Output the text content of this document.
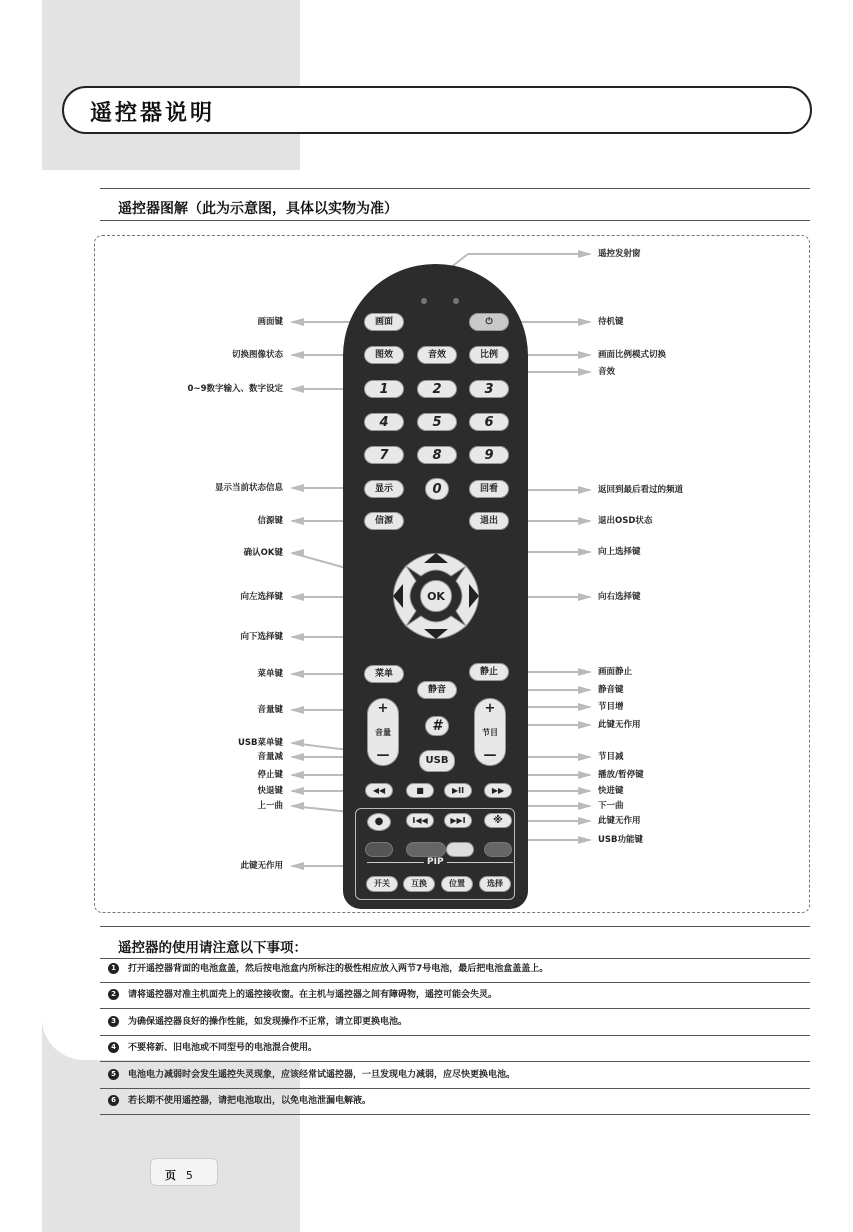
遥控器说明
遥控器图解（此为示意图，具体以实物为准）
画面	⏻
图效	音效	比例
1	2	3
4	5	6
7	8	9
显示	0	回看
信源	退出
OK
菜单	静止
静音
+
音量
—
#
+
节目
—
USB
◀◀	■	▶II	▶▶
●	I◀◀	▶▶I	※
PIP
开关	互换	位置	选择
画面键
切换图像状态
0~9数字输入、数字设定
显示当前状态信息
信源键
确认OK键
向左选择键
向下选择键
菜单键
音量键
USB菜单键
音量减
停止键
快退键
上一曲
此键无作用
遥控发射窗
待机键
画面比例模式切换
音效
返回到最后看过的频道
退出OSD状态
向上选择键
向右选择键
画面静止
静音键
节目增
此键无作用
节目减
播放/暂停键
快进键
下一曲
此键无作用
USB功能键
遥控器的使用请注意以下事项：
1	打开遥控器背面的电池盒盖，然后按电池盒内所标注的极性相应放入两节7号电池，最后把电池盒盖盖上。
2	请将遥控器对准主机面壳上的遥控接收窗。在主机与遥控器之间有障碍物，遥控可能会失灵。
3	为确保遥控器良好的操作性能，如发现操作不正常，请立即更换电池。
4	不要将新、旧电池或不同型号的电池混合使用。
5	电池电力减弱时会发生遥控失灵现象，应该经常试遥控器，一旦发现电力减弱，应尽快更换电池。
6	若长期不使用遥控器，请把电池取出，以免电池泄漏电解液。
页 5
